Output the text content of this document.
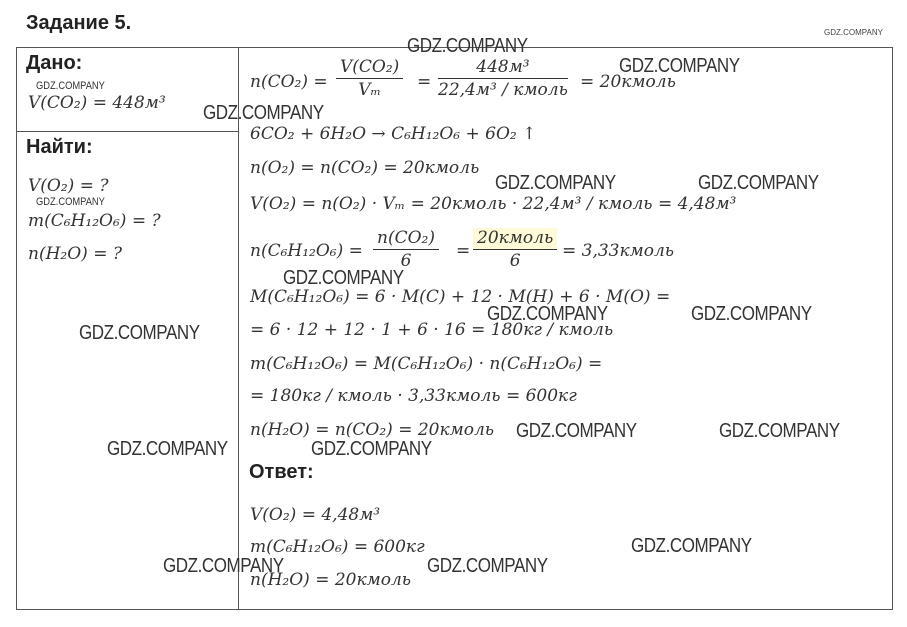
Задание 5.
Дано:
V(CO₂) = 448м³
Найти:
V(O₂) = ?
m(C₆H₁₂O₆) = ?
n(H₂O) = ?
$n(CO_2) = \frac{\text{V(CO₂)}}{\text{Vₘ}}$ =
448м³
22,4м³ / кмоль = 20кмоль
6CO₂ + 6H₂O → C₆H₁₂O₆ + 6O₂ ↑
n(O₂) = n(CO₂) = 20кмоль
V(O₂) = n(O₂) · Vₘ = 20кмоль · 22,4м³ / кмоль = 4,48м³
$n(C_6H_{12}O_6) = \frac{\text{n(CO₂)}}{6}$ =
20кмоль
6	= 3,33кмоль
M(C₆H₁₂O₆) = 6 · M(C) + 12 · M(H) + 6 · M(O) =
= 6 · 12 + 12 · 1 + 6 · 16 = 180кг / кмоль
m(C₆H₁₂O₆) = M(C₆H₁₂O₆) · n(C₆H₁₂O₆) =
= 180кг / кмоль · 3,33кмоль = 600кг
n(H₂O) = n(CO₂) = 20кмоль
Ответ:
V(O₂) = 4,48м³
m(C₆H₁₂O₆) = 600кг
n(H₂O) = 20кмоль
GDZ.COMPANY
GDZ.COMPANY
GDZ.COMPANY
GDZ.COMPANY
GDZ.COMPANY
GDZ.COMPANY	GDZ.COMPANY
GDZ.COMPANY
GDZ.COMPANY
GDZ.COMPANY	GDZ.COMPANY
GDZ.COMPANY
GDZ.COMPANY	GDZ.COMPANY
GDZ.COMPANY	GDZ.COMPANY
GDZ.COMPANY
GDZ.COMPANY	GDZ.COMPANY
